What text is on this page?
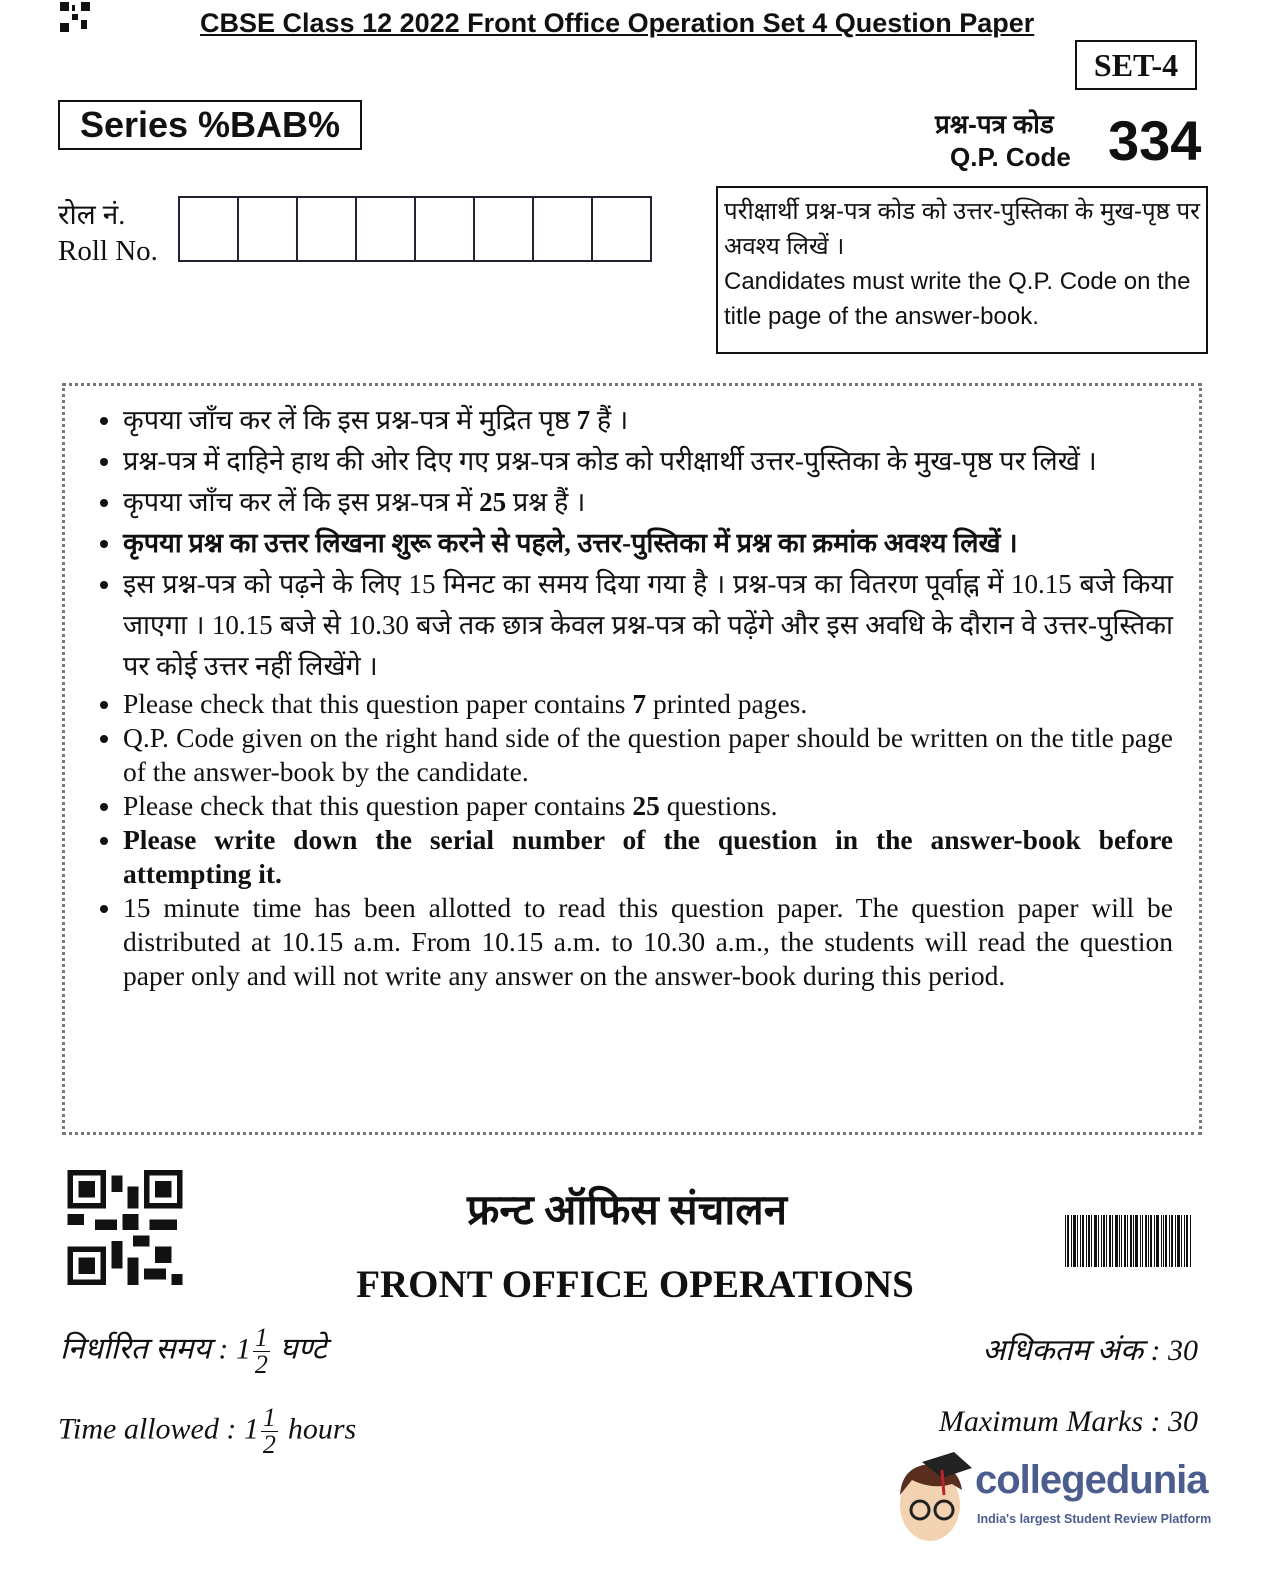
CBSE Class 12 2022 Front Office Operation Set 4 Question Paper
SET-4
Series %BAB%	प्रश्न-पत्र कोड
Q.P. Code 334
रोल नं.
Roll No.
परीक्षार्थी प्रश्न-पत्र कोड को उत्तर-पुस्तिका के मुख-पृष्ठ पर अवश्य लिखें ।
Candidates must write the Q.P. Code on the title page of the answer-book.
• कृपया जाँच कर लें कि इस प्रश्न-पत्र में मुद्रित पृष्ठ 7 हैं ।
• प्रश्न-पत्र में दाहिने हाथ की ओर दिए गए प्रश्न-पत्र कोड को परीक्षार्थी उत्तर-पुस्तिका के मुख-पृष्ठ पर लिखें ।
• कृपया जाँच कर लें कि इस प्रश्न-पत्र में 25 प्रश्न हैं ।
• कृपया प्रश्न का उत्तर लिखना शुरू करने से पहले, उत्तर-पुस्तिका में प्रश्न का क्रमांक अवश्य लिखें ।
• इस प्रश्न-पत्र को पढ़ने के लिए 15 मिनट का समय दिया गया है । प्रश्न-पत्र का वितरण पूर्वाह्न में 10.15 बजे किया जाएगा । 10.15 बजे से 10.30 बजे तक छात्र केवल प्रश्न-पत्र को पढ़ेंगे और इस अवधि के दौरान वे उत्तर-पुस्तिका पर कोई उत्तर नहीं लिखेंगे ।
• Please check that this question paper contains 7 printed pages.
• Q.P. Code given on the right hand side of the question paper should be written on the title page of the answer-book by the candidate.
• Please check that this question paper contains 25 questions.
• Please write down the serial number of the question in the answer-book before attempting it.
• 15 minute time has been allotted to read this question paper. The question paper will be distributed at 10.15 a.m. From 10.15 a.m. to 10.30 a.m., the students will read the question paper only and will not write any answer on the answer-book during this period.
फ्रन्ट ऑफिस संचालन
FRONT OFFICE OPERATIONS
निर्धारित समय : $1 \frac{1}{2}$ घण्टे
Time allowed : $1 \frac{1}{2}$ hours
अधिकतम अंक : 30
Maximum Marks : 30
collegedunia
India's largest Student Review Platform
